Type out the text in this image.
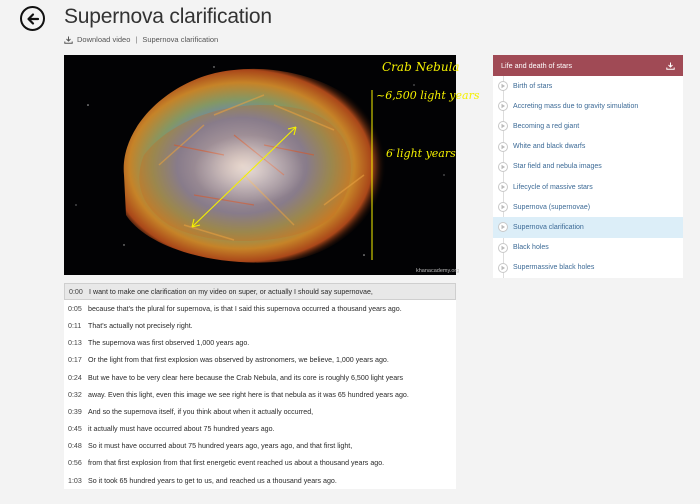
Supernova clarification
Download video | Supernova clarification
Crab Nebula
~6,500 light years
6 light years
khanacademy.org
0:00 I want to make one clarification on my video on super, or actually I should say supernovae,
0:05 because that's the plural for supernova, is that I said this supernova occurred a thousand years ago.
0:11 That's actually not precisely right.
0:13 The supernova was first observed 1,000 years ago.
0:17 Or the light from that first explosion was observed by astronomers, we believe, 1,000 years ago.
0:24 But we have to be very clear here because the Crab Nebula, and its core is roughly 6,500 light years
0:32 away. Even this light, even this image we see right here is that nebula as it was 65 hundred years ago.
0:39 And so the supernova itself, if you think about when it actually occurred,
0:45 it actually must have occurred about 75 hundred years ago.
0:48 So it must have occurred about 75 hundred years ago, years ago, and that first light,
0:56 from that first explosion from that first energetic event reached us about a thousand years ago.
1:03 So it took 65 hundred years to get to us, and reached us a thousand years ago.
Life and death of stars
Birth of stars
Accreting mass due to gravity simulation
Becoming a red giant
White and black dwarfs
Star field and nebula images
Lifecycle of massive stars
Supernova (supernovae)
Supernova clarification
Black holes
Supermassive black holes
